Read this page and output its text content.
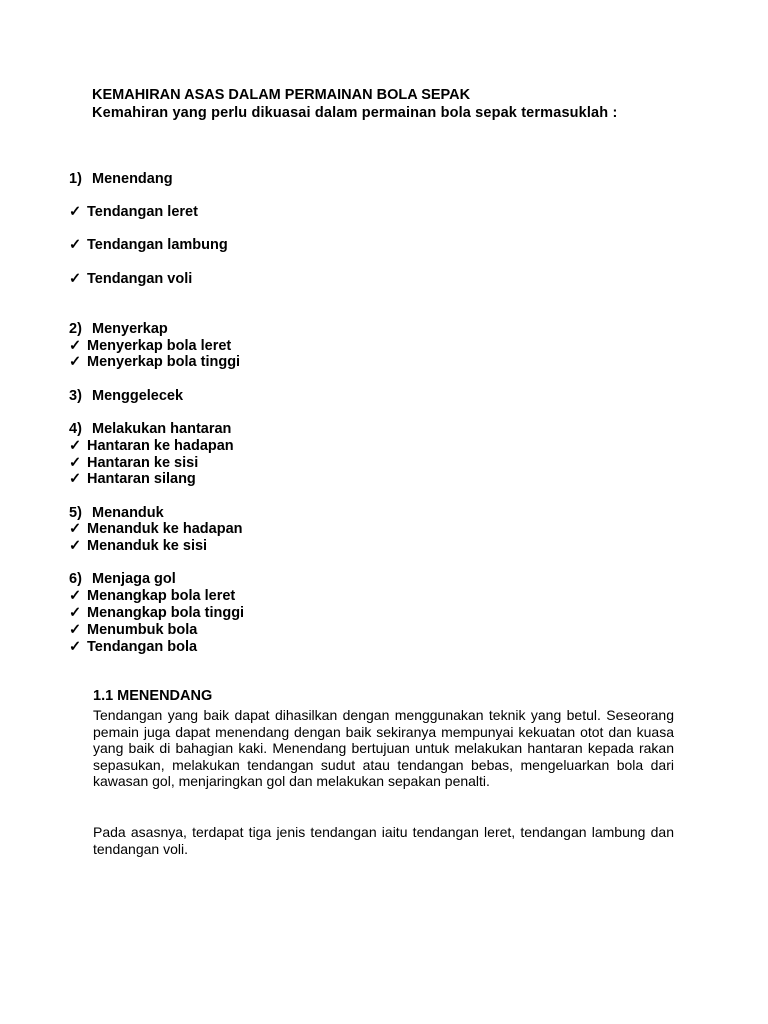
KEMAHIRAN ASAS DALAM PERMAINAN BOLA SEPAK
Kemahiran yang perlu dikuasai dalam permainan bola sepak termasuklah :
1) Menendang
✓ Tendangan leret
✓ Tendangan lambung
✓ Tendangan voli
2) Menyerkap
✓ Menyerkap bola leret
✓ Menyerkap bola tinggi
3) Menggelecek
4) Melakukan hantaran
✓ Hantaran ke hadapan
✓ Hantaran ke sisi
✓ Hantaran silang
5) Menanduk
✓ Menanduk ke hadapan
✓ Menanduk ke sisi
6) Menjaga gol
✓ Menangkap bola leret
✓ Menangkap bola tinggi
✓ Menumbuk bola
✓ Tendangan bola
1.1 MENENDANG
Tendangan yang baik dapat dihasilkan dengan menggunakan teknik yang betul. Seseorang pemain juga dapat menendang dengan baik sekiranya mempunyai kekuatan otot dan kuasa yang baik di bahagian kaki. Menendang bertujuan untuk melakukan hantaran kepada rakan sepasukan, melakukan tendangan sudut atau tendangan bebas, mengeluarkan bola dari kawasan gol, menjaringkan gol dan melakukan sepakan penalti.
Pada asasnya, terdapat tiga jenis tendangan iaitu tendangan leret, tendangan lambung dan tendangan voli.
